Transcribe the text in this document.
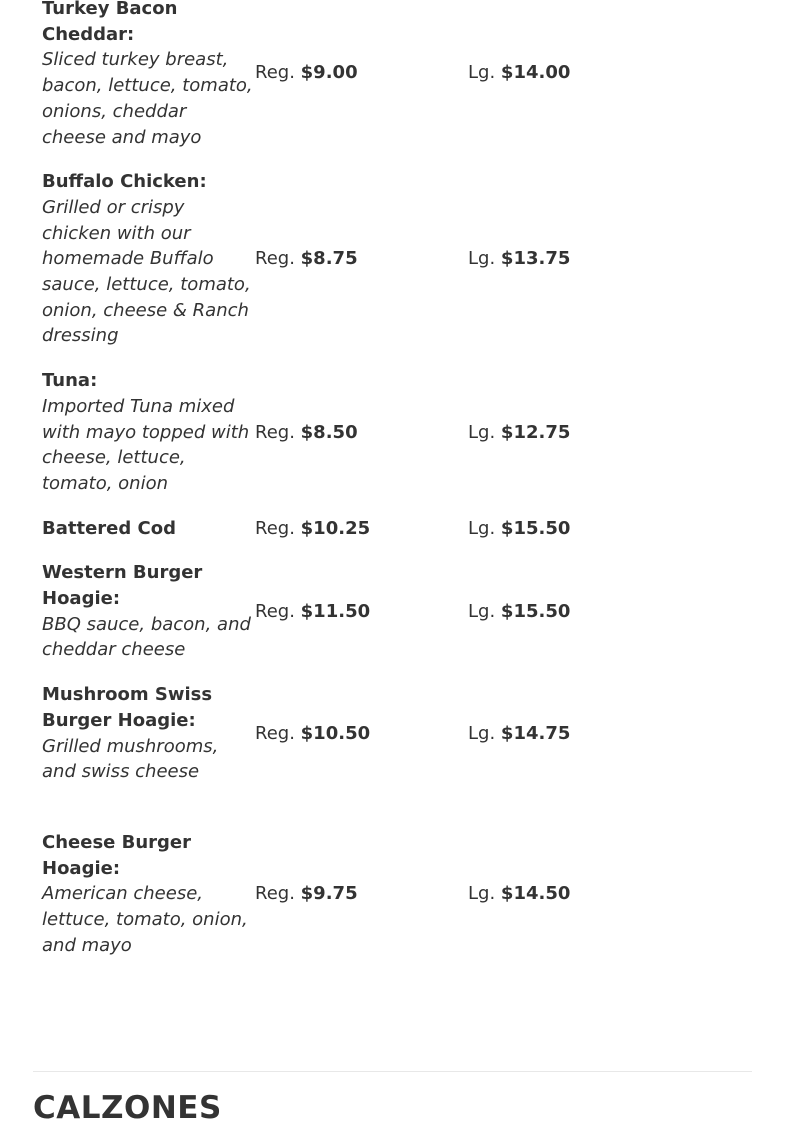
Turkey Bacon Cheddar:
Sliced turkey breast, bacon, lettuce, tomato, onions, cheddar cheese and mayo
Reg. $9.00	Lg. $14.00
Buffalo Chicken:
Grilled or crispy chicken with our homemade Buffalo sauce, lettuce, tomato, onion, cheese & Ranch dressing
Reg. $8.75	Lg. $13.75
Tuna:
Imported Tuna mixed with mayo topped with cheese, lettuce, tomato, onion
Reg. $8.50	Lg. $12.75
Battered Cod	Reg. $10.25	Lg. $15.50
Western Burger Hoagie:
BBQ sauce, bacon, and cheddar cheese
Reg. $11.50	Lg. $15.50
Mushroom Swiss Burger Hoagie:
Grilled mushrooms, and swiss cheese
Reg. $10.50	Lg. $14.75
Cheese Burger Hoagie:
American cheese, lettuce, tomato, onion, and mayo
Reg. $9.75	Lg. $14.50
CALZONES
